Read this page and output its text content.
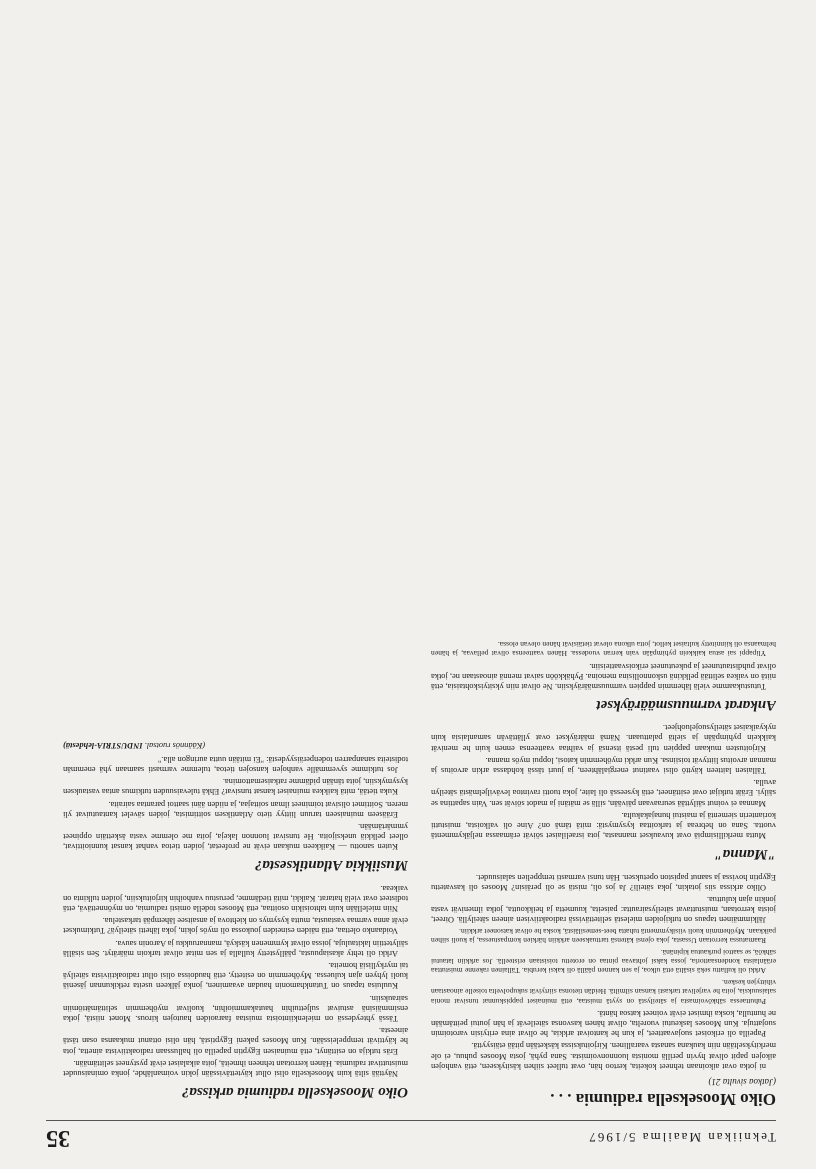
35	Tekniikan Maailma 5/1967
Oiko Mooseksella radiumia . . .
(Jatkoa sivulta 21)

ni jotka ovat aikoinaan tehneet kokeita, kertoo hän, ovat tulleet siihen käsitykseen, että vanhojen aikojen papit olivat hyvin perillä monista luonnonvoimista. Sana pyhä, josta Mooses puhuu, ei ole merkitykseltään niin kaukana sanasta vaarallinen. Kirjoituksissa käsketään pitää etäisyyttä.

Papeilla oli erikoiset suojavaatteet, ja kun he kantoivat arkkia, he olivat aina erityisin varotoimin suojattuja. Kun Mooses laskeutui vuorelta, olivat hänen kasvonsa säteilevät ja hän joutui peittämään ne huntulla, koska ihmiset eivät voineet katsoa häntä.

Puhuttaessa sähkövoimasta ja säteilystä on syytä muistaa, että muinaiset pappiskunnat tunsivat monia salaisuuksia, joita he varjelivat tarkasti kansan silmiltä. Heidän tietonsa siirtyivät sukupolvelta toiselle ainoastaan vihittyjen kesken.

Arkki oli kullattu sekä sisältä että ulkoa, ja sen kannen päällä oli kaksi kerubia. Tällainen rakenne muistuttaa eräänlaista kondensaattoria, jossa kaksi johtavaa pintaa on erotettu toisistaan eristeellä. Jos arkkiin latautui sähköä, se saattoi purkautua kipinänä.

Raamatussa kerrotaan Ussasta, joka ojensi kätensä tarttuakseen arkkiin härkien kompastuessa, ja kuoli siihen paikkaan. Myöhemmin kuoli viisikymmentä tuhatta beet-semesiläistä, koska he olivat katsoneet arkkiin.

Jälkimmäinen tapaus on tutkijoiden mielestä selitettävissä radioaktiivisen aineen säteilyllä. Oireet, joista kerrotaan, muistuttavat säteilysairautta: paiseita, kuumetta ja heikkoutta, jotka ilmenivät vasta jonkin ajan kuluttua.

Oliko arkissa siis jotakin, joka säteili? Ja jos oli, mistä se oli peräisin? Mooses oli kasvatettu Egyptin hovissa ja saanut papiston opetuksen. Hän tunsi varmasti temppelien salaisuudet.

"Manna"

Mutta merkillisimpiä ovat kuvaukset mannasta, jota israelilaiset söivät erämaassa neljäkymmentä vuotta. Sana on hebreaa ja tarkoittaa kysymystä: mitä tämä on? Aine oli valkoista, muistutti korianterin siementä ja maistui hunajakakulta.

Mannaa ei voinut säilyttää seuraavaan päivään, sillä se mätäni ja madot söivät sen. Vain sapattina se säilyi. Eräät tutkijat ovat esittäneet, että kyseessä oli laite, joka tuotti ravintoa leväviljelmästä säteilyn avulla.

Tällaisen laitteen käyttö olisi vaatinut energialähteen, ja juuri tässä kohdassa arkin arvoitus ja mannan arvoitus liittyvät toisiinsa. Kun arkki myöhemmin katosi, loppui myös manna.

Kirjoitusten mukaan pappien tuli pestä itsensä ja vaihtaa vaatteensa ennen kuin he menivät kaikkein pyhimpään ja sieltä palattuaan. Nämä määräykset ovat yllättävän samanlaisia kuin nykyaikaiset säteilysuojeluohjeet.

Ankarat varmuusmääräykset

Tutustukaamme vielä lähemmin pappien varmuusmääräyksiin. Ne olivat niin yksityiskohtaisia, että niitä on vaikea selittää pelkkinä uskonnollisina menoina. Pyhäkköön saivat mennä ainoastaan ne, jotka olivat puhdistautuneet ja pukeutuneet erikoisvaatteisiin.

Ylipappi sai astua kaikkein pyhimpään vain kerran vuodessa. Hänen vaatteensa olivat pellavaa, ja hänen helmaansa oli kiinnitetty kultaiset kellot, jotta ulkona olevat tietäisivät hänen olevan elossa.

Oiko Mooseksella radiumia arkissa?

Näyttää siltä kuin Mooseksella olisi ollut käytettävissään jokin voimanlähde, jonka ominaisuudet muistuttivat radiumia. Hänen kerrotaan tehneen ihmeitä, joita aikalaiset eivät pystyneet selittämään.

Eräs tutkija on esittänyt, että muinaisen Egyptin papeilla oli hallussaan radioaktiivista ainetta, jota he käyttivät temppeleissään. Kun Mooses pakeni Egyptistä, hän olisi ottanut mukaansa osan tästä aineesta.

Tässä yhteydessä on mielenkiintoista muistaa faaraoiden hautojen kirous. Monet niistä, jotka ensimmäisinä astuivat suljettuihin hautakammioihin, kuolivat myöhemmin selittämättömiin sairauksiin.

Kuuluisa tapaus on Tutankhamonin haudan avaaminen, jonka jälkeen useita retkikunnan jäseniä kuoli lyhyen ajan kuluessa. Myöhemmin on esitetty, että haudoissa olisi ollut radioaktiivista säteilyä tai myrkyllisiä homeita.

Arkki oli tehty akasiapuusta, päällystetty kullalla ja sen mitat olivat tarkoin määrätyt. Sen sisällä säilytettiin lakitauluja, joissa olivat kymmenen käskyä, mannaruukku ja Aaronin sauva.

Voidaanko olettaa, että näiden esineiden joukossa oli myös jokin, joka lähetti säteilyä? Tutkimukset eivät anna varmaa vastausta, mutta kysymys on kiehtova ja ansaitsee lähempää tarkastelua.

Niin mielellään kuin tahtoisikin osoittaa, että Mooses todella omisti radiumia, on myönnettävä, että todisteet ovat vielä hatarat. Kaikki, mitä tiedämme, perustuu vanhoihin kirjoituksiin, joiden tulkinta on vaikeaa.

Musiikkia Atlantiksesta?

Kuten sanottu — Kaikkeen mukaan eivät ne profeetat, joiden tietoa vanhat kansat kunnioittivat, olleet pelkkiä uneksijoita. He tunsivat luonnon lakeja, joita me olemme vasta äskettäin oppineet ymmärtämään.

Erääseen muinaiseen taruun liittyy tieto Atlantiksen soittimista, joiden sävelet kantautuivat yli meren. Soittimet olisivat toimineet ilman soittajaa, ja niiden ääni saattoi parantaa sairaita.

Kuka tietää, mitä kaikkea muinaiset kansat tunsivat? Ehkä tulevaisuuden tutkimus antaa vastauksen kysymyksiin, joita tänään pidämme ratkaisemattomina.

Jos tutkimme syvemmälle vanhojen kansojen tietoa, tulemme varmasti saamaan yhä enemmän todisteita sananparren todenperäisyydestä: "Ei mitään uutta auringon alla."

(Käännös ruotsal. INDUSTRIA-lehdestä)
